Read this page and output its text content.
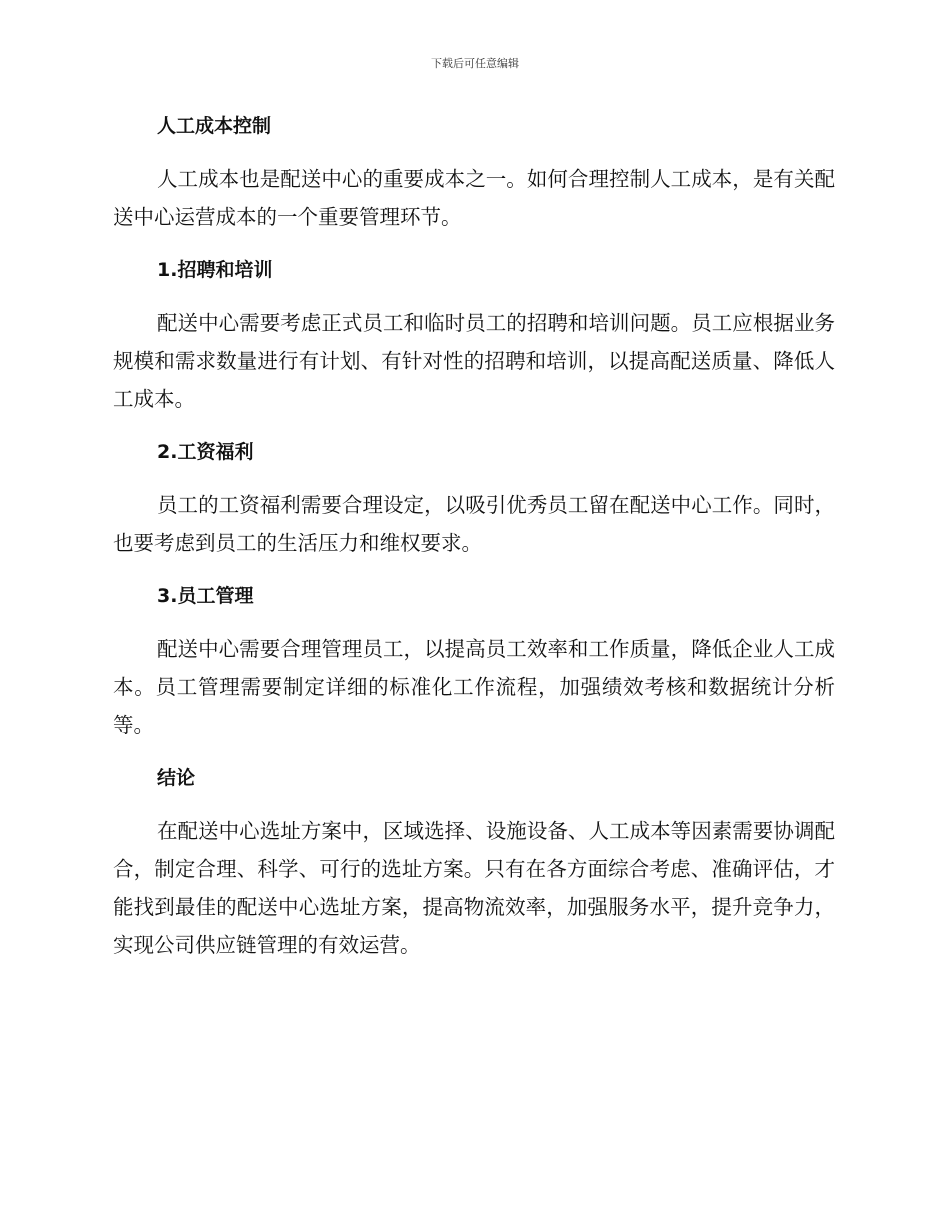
下载后可任意编辑

人工成本控制

人工成本也是配送中心的重要成本之一。如何合理控制人工成本，是有关配送中心运营成本的一个重要管理环节。

1.招聘和培训

配送中心需要考虑正式员工和临时员工的招聘和培训问题。员工应根据业务规模和需求数量进行有计划、有针对性的招聘和培训，以提高配送质量、降低人工成本。

2.工资福利

员工的工资福利需要合理设定，以吸引优秀员工留在配送中心工作。同时，也要考虑到员工的生活压力和维权要求。

3.员工管理

配送中心需要合理管理员工，以提高员工效率和工作质量，降低企业人工成本。员工管理需要制定详细的标准化工作流程，加强绩效考核和数据统计分析等。

结论

在配送中心选址方案中，区域选择、设施设备、人工成本等因素需要协调配合，制定合理、科学、可行的选址方案。只有在各方面综合考虑、准确评估，才能找到最佳的配送中心选址方案，提高物流效率，加强服务水平，提升竞争力，实现公司供应链管理的有效运营。
